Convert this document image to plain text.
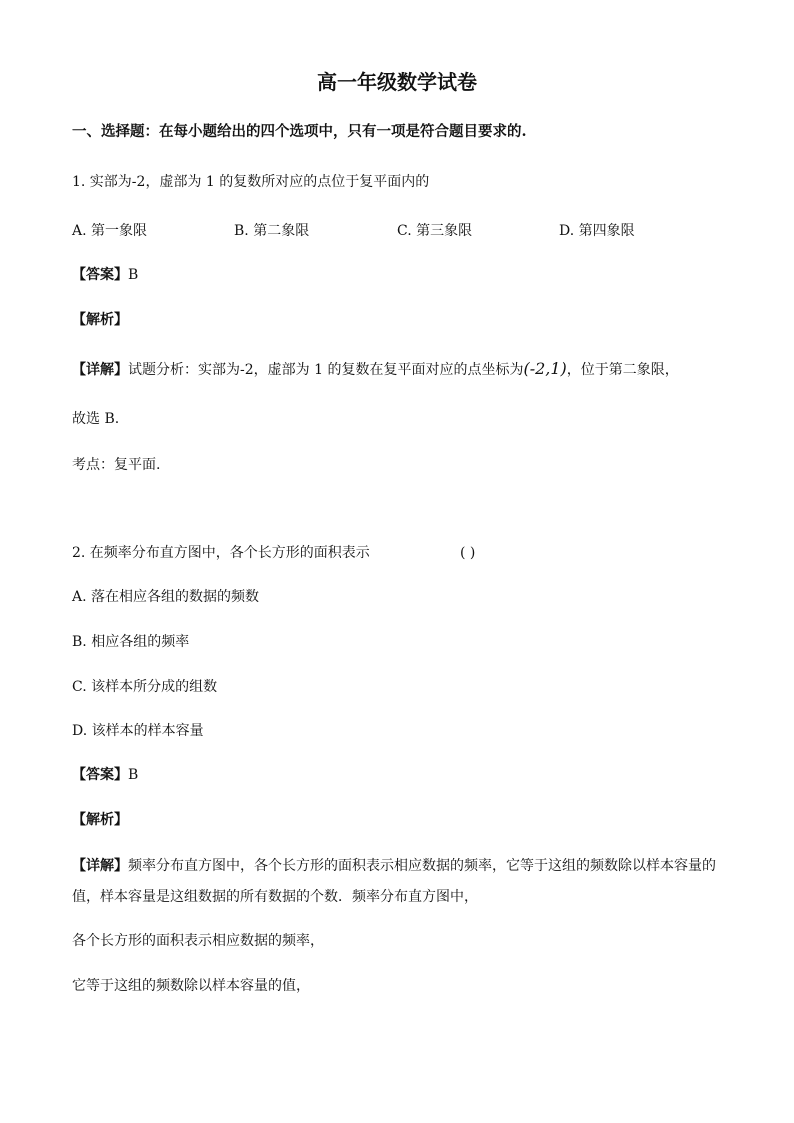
高一年级数学试卷
一、选择题：在每小题给出的四个选项中，只有一项是符合题目要求的.
1. 实部为-2，虚部为 1 的复数所对应的点位于复平面内的
A. 第一象限	B. 第二象限	C. 第三象限	D. 第四象限
【答案】B
【解析】
【详解】试题分析：实部为-2，虚部为 1 的复数在复平面对应的点坐标为(-2,1)，位于第二象限，
故选 B.
考点：复平面.
2. 在频率分布直方图中，各个长方形的面积表示	( )
A. 落在相应各组的数据的频数
B. 相应各组的频率
C. 该样本所分成的组数
D. 该样本的样本容量
【答案】B
【解析】
【详解】频率分布直方图中，各个长方形的面积表示相应数据的频率，它等于这组的频数除以样本容量的
值，样本容量是这组数据的所有数据的个数．频率分布直方图中，
各个长方形的面积表示相应数据的频率，
它等于这组的频数除以样本容量的值，
